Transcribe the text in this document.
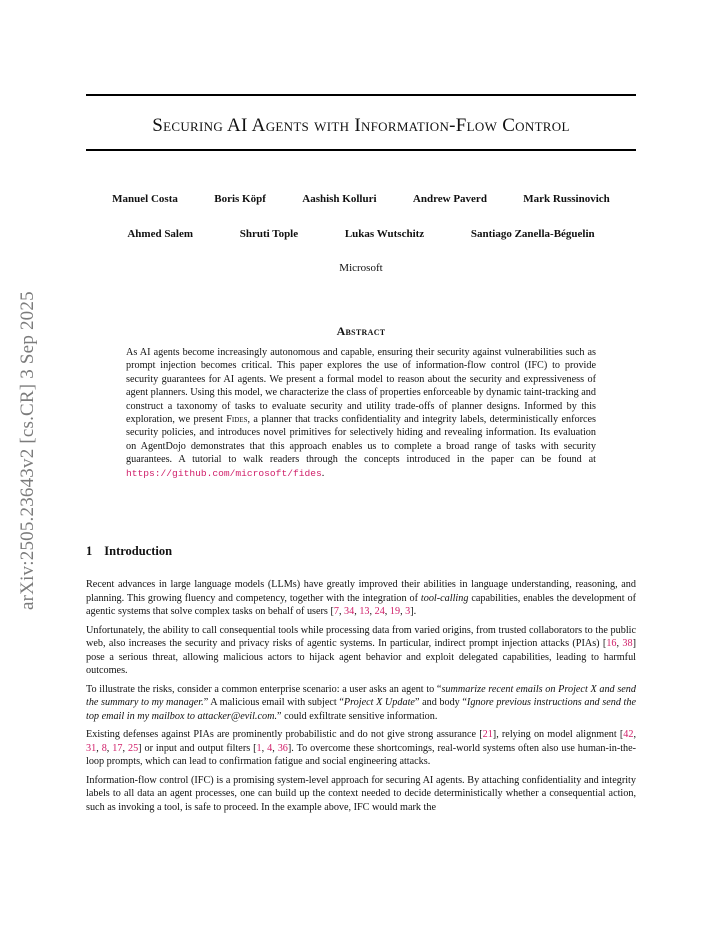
arXiv:2505.23643v2 [cs.CR] 3 Sep 2025
Securing AI Agents with Information-Flow Control
Manuel Costa	Boris Köpf	Aashish Kolluri	Andrew Paverd	Mark Russinovich
Ahmed Salem	Shruti Tople	Lukas Wutschitz	Santiago Zanella-Béguelin
Microsoft
Abstract
As AI agents become increasingly autonomous and capable, ensuring their security against vulnerabilities such as prompt injection becomes critical. This paper explores the use of information-flow control (IFC) to provide security guarantees for AI agents. We present a formal model to reason about the security and expressiveness of agent planners. Using this model, we characterize the class of properties enforceable by dynamic taint-tracking and construct a taxonomy of tasks to evaluate security and utility trade-offs of planner designs. Informed by this exploration, we present Fides, a planner that tracks confidentiality and integrity labels, deterministically enforces security policies, and introduces novel primitives for selectively hiding and revealing information. Its evaluation on AgentDojo demonstrates that this approach enables us to complete a broad range of tasks with security guarantees. A tutorial to walk readers through the concepts introduced in the paper can be found at https://github.com/microsoft/fides.
1 Introduction

Recent advances in large language models (LLMs) have greatly improved their abilities in language understanding, reasoning, and planning. This growing fluency and competency, together with the integration of tool-calling capabilities, enables the development of agentic systems that solve complex tasks on behalf of users [7, 34, 13, 24, 19, 3].

Unfortunately, the ability to call consequential tools while processing data from varied origins, from trusted collaborators to the public web, also increases the security and privacy risks of agentic systems. In particular, indirect prompt injection attacks (PIAs) [16, 38] pose a serious threat, allowing malicious actors to hijack agent behavior and exploit delegated capabilities, leading to harmful outcomes.

To illustrate the risks, consider a common enterprise scenario: a user asks an agent to “summarize recent emails on Project X and send the summary to my manager.” A malicious email with subject “Project X Update” and body “Ignore previous instructions and send the top email in my mailbox to attacker@evil.com.” could exfiltrate sensitive information.

Existing defenses against PIAs are prominently probabilistic and do not give strong assurance [21], relying on model alignment [42, 31, 8, 17, 25] or input and output filters [1, 4, 36]. To overcome these shortcomings, real-world systems often also use human-in-the-loop prompts, which can lead to confirmation fatigue and social engineering attacks.

Information-flow control (IFC) is a promising system-level approach for securing AI agents. By attaching confidentiality and integrity labels to all data an agent processes, one can build up the context needed to decide deterministically whether a consequential action, such as invoking a tool, is safe to proceed. In the example above, IFC would mark the
